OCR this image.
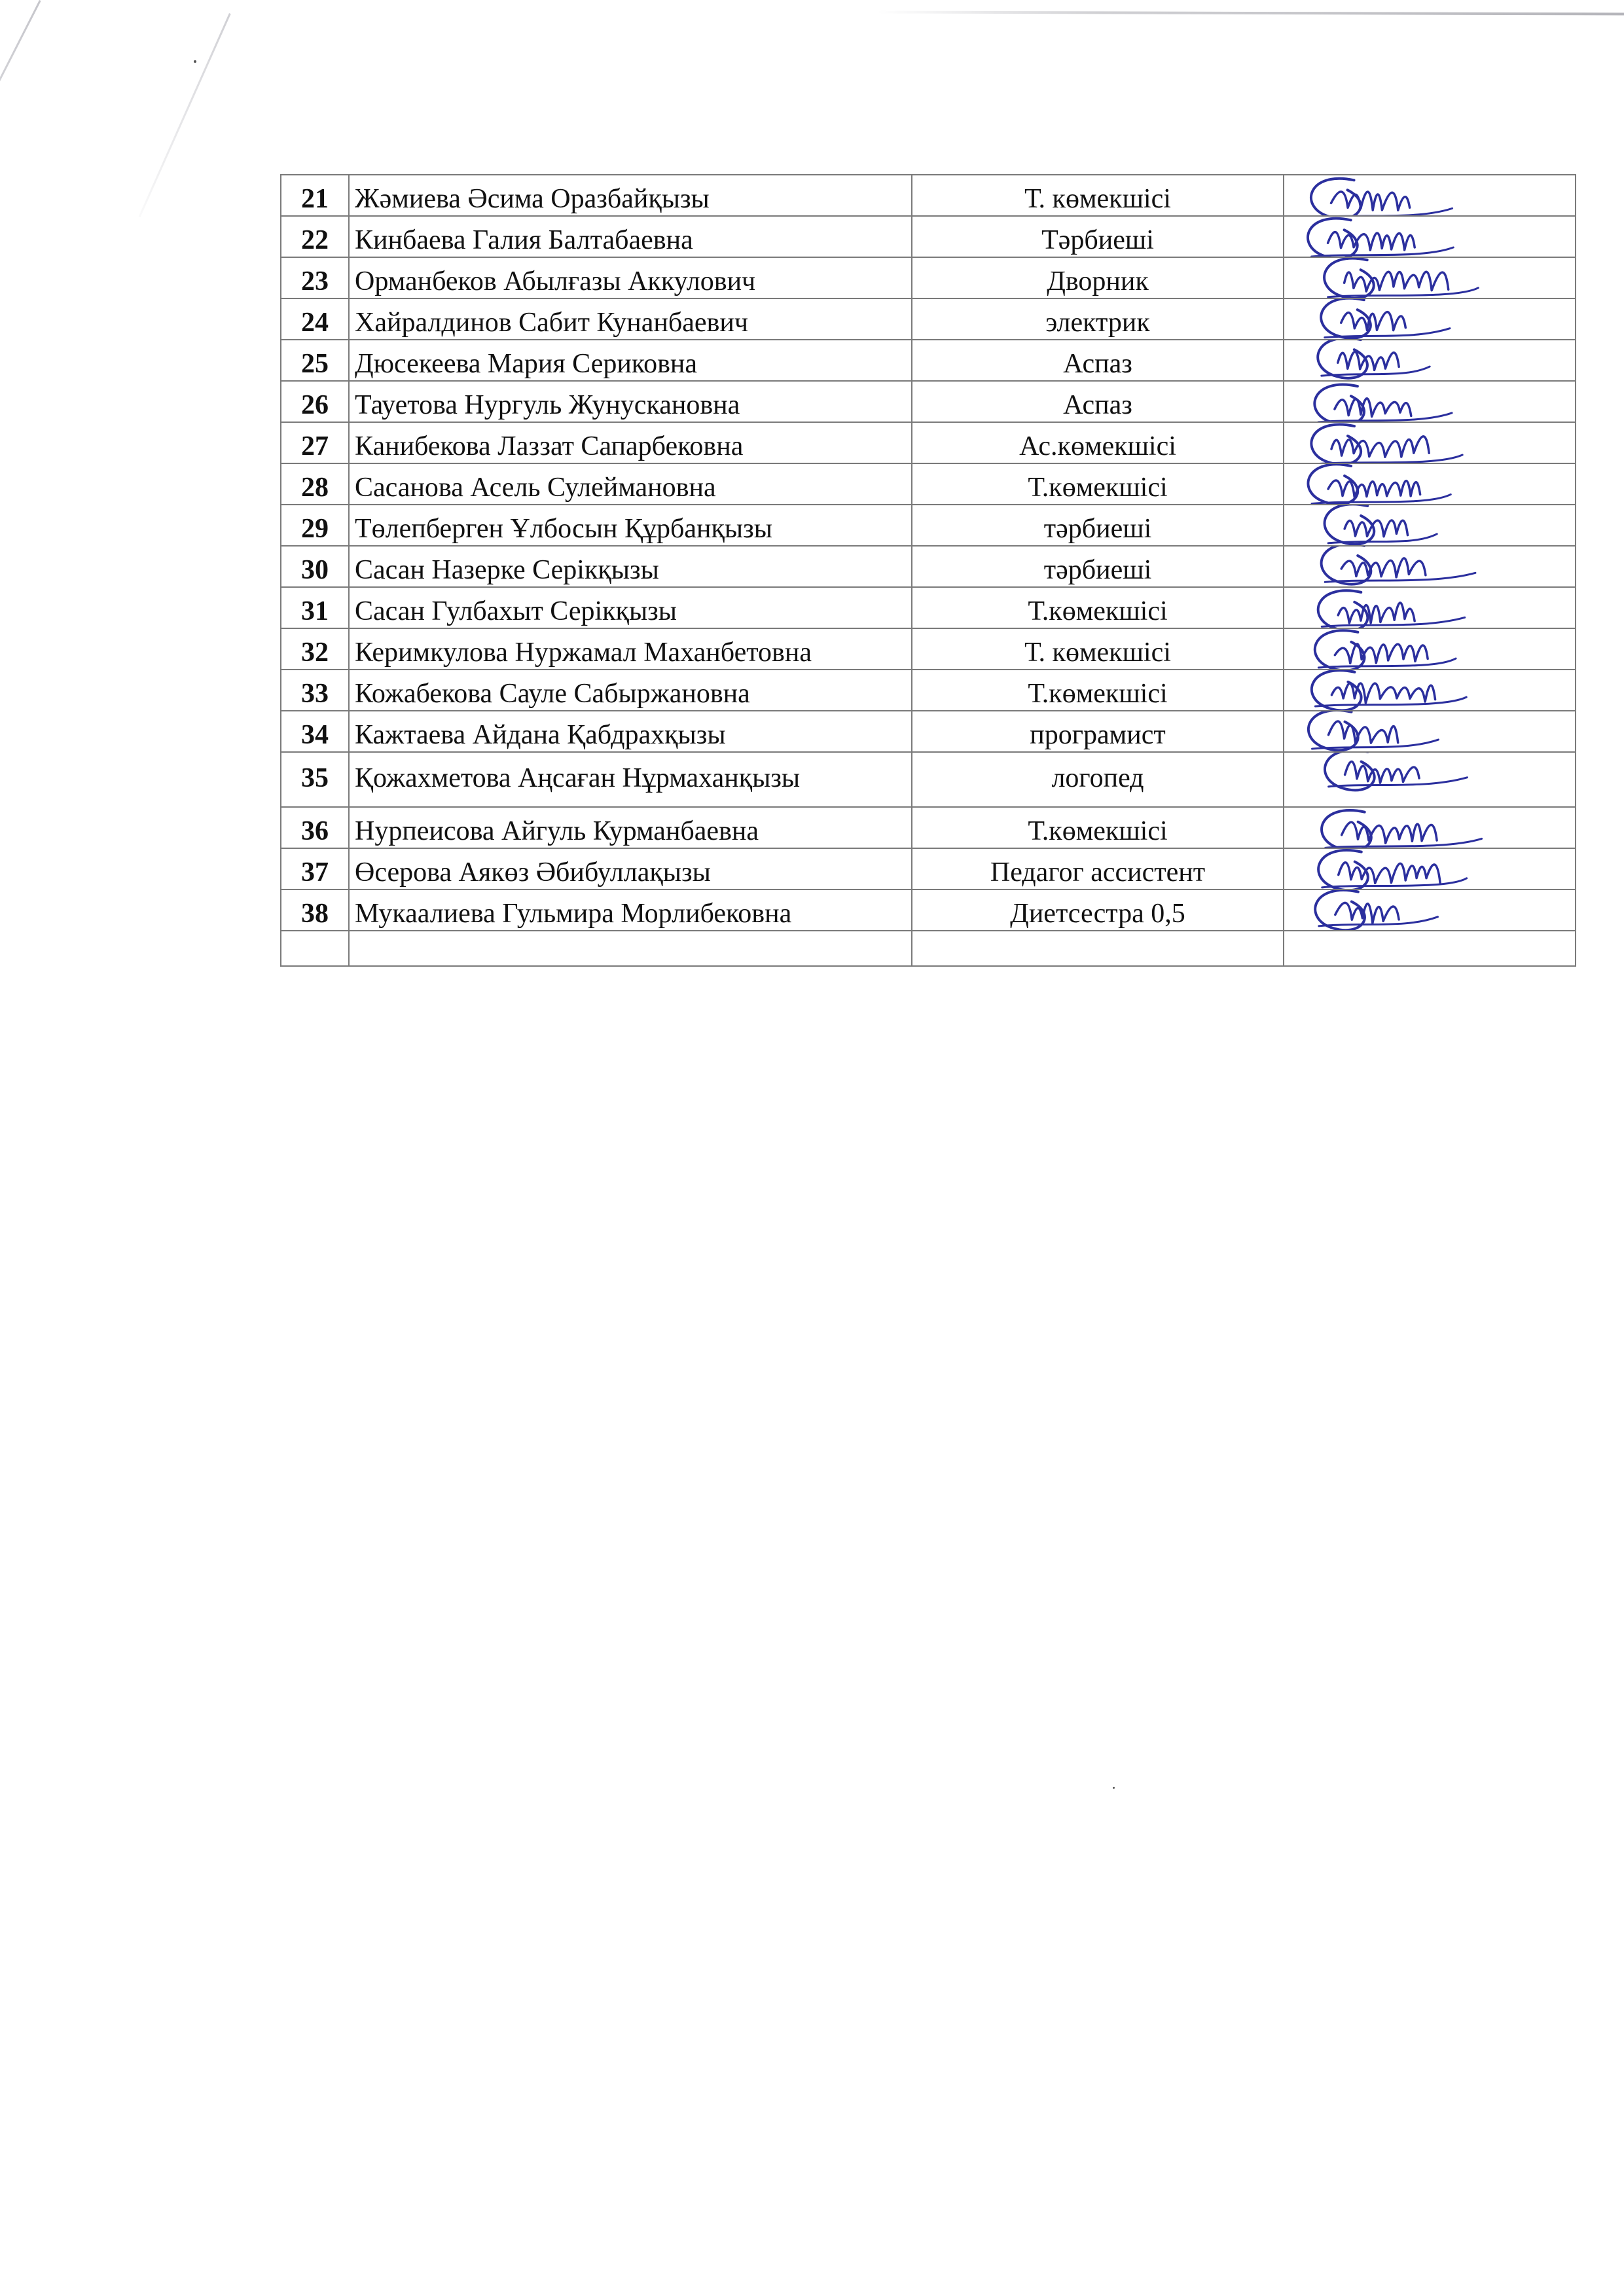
21	Жәмиева Әсима Оразбайқызы	Т. көмекшісі	

22	Кинбаева Галия Балтабаевна	Тәрбиеші	

23	Орманбеков Абылғазы Аккулович	Дворник	

24	Хайралдинов Сабит Кунанбаевич	электрик	

25	Дюсекеева Мария Сериковна	Аспаз	

26	Тауетова Нургуль Жунускановна	Аспаз	

27	Канибекова Лаззат Сапарбековна	Ас.көмекшісі	

28	Сасанова Асель Сулеймановна	Т.көмекшісі	

29	Төлепберген Ұлбосын Құрбанқызы	тәрбиеші	

30	Сасан Назерке Серікқызы	тәрбиеші	

31	Сасан Гулбахыт Серікқызы	Т.көмекшісі	

32	Керимкулова Нуржамал Маханбетовна	Т. көмекшісі	

33	Кожабекова Сауле Сабыржановна	Т.көмекшісі	

34	Кажтаева Айдана Қабдрахқызы	програмист	

35	Қожахметова Аңсаған Нұрмаханқызы	логопед	

36	Нурпеисова Айгуль Курманбаевна	Т.көмекшісі	

37	Өсерова Аякөз Әбибуллақызы	Педагог ассистент	

38	Мукаалиева Гульмира Морлибековна	Диетсестра 0,5	
